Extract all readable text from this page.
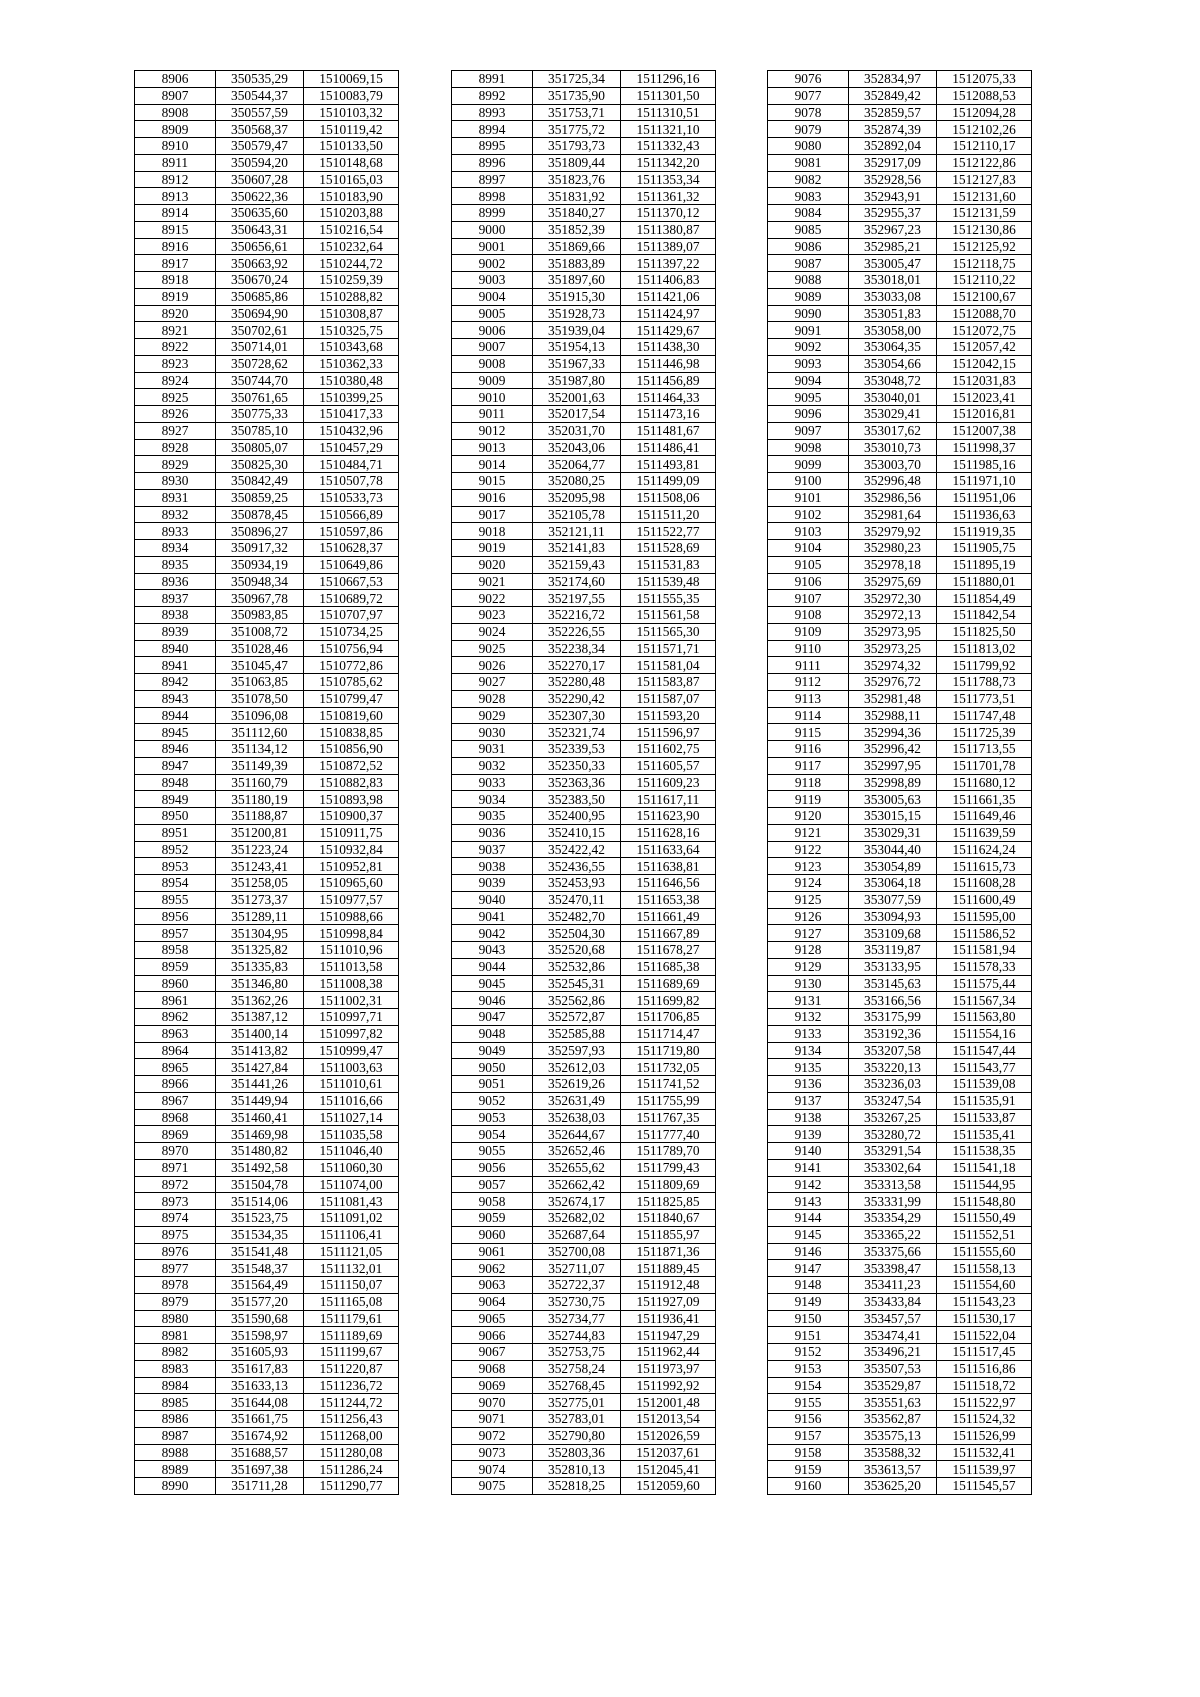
8906	350535,29	1510069,15
8907	350544,37	1510083,79
8908	350557,59	1510103,32
8909	350568,37	1510119,42
8910	350579,47	1510133,50
8911	350594,20	1510148,68
8912	350607,28	1510165,03
8913	350622,36	1510183,90
8914	350635,60	1510203,88
8915	350643,31	1510216,54
8916	350656,61	1510232,64
8917	350663,92	1510244,72
8918	350670,24	1510259,39
8919	350685,86	1510288,82
8920	350694,90	1510308,87
8921	350702,61	1510325,75
8922	350714,01	1510343,68
8923	350728,62	1510362,33
8924	350744,70	1510380,48
8925	350761,65	1510399,25
8926	350775,33	1510417,33
8927	350785,10	1510432,96
8928	350805,07	1510457,29
8929	350825,30	1510484,71
8930	350842,49	1510507,78
8931	350859,25	1510533,73
8932	350878,45	1510566,89
8933	350896,27	1510597,86
8934	350917,32	1510628,37
8935	350934,19	1510649,86
8936	350948,34	1510667,53
8937	350967,78	1510689,72
8938	350983,85	1510707,97
8939	351008,72	1510734,25
8940	351028,46	1510756,94
8941	351045,47	1510772,86
8942	351063,85	1510785,62
8943	351078,50	1510799,47
8944	351096,08	1510819,60
8945	351112,60	1510838,85
8946	351134,12	1510856,90
8947	351149,39	1510872,52
8948	351160,79	1510882,83
8949	351180,19	1510893,98
8950	351188,87	1510900,37
8951	351200,81	1510911,75
8952	351223,24	1510932,84
8953	351243,41	1510952,81
8954	351258,05	1510965,60
8955	351273,37	1510977,57
8956	351289,11	1510988,66
8957	351304,95	1510998,84
8958	351325,82	1511010,96
8959	351335,83	1511013,58
8960	351346,80	1511008,38
8961	351362,26	1511002,31
8962	351387,12	1510997,71
8963	351400,14	1510997,82
8964	351413,82	1510999,47
8965	351427,84	1511003,63
8966	351441,26	1511010,61
8967	351449,94	1511016,66
8968	351460,41	1511027,14
8969	351469,98	1511035,58
8970	351480,82	1511046,40
8971	351492,58	1511060,30
8972	351504,78	1511074,00
8973	351514,06	1511081,43
8974	351523,75	1511091,02
8975	351534,35	1511106,41
8976	351541,48	1511121,05
8977	351548,37	1511132,01
8978	351564,49	1511150,07
8979	351577,20	1511165,08
8980	351590,68	1511179,61
8981	351598,97	1511189,69
8982	351605,93	1511199,67
8983	351617,83	1511220,87
8984	351633,13	1511236,72
8985	351644,08	1511244,72
8986	351661,75	1511256,43
8987	351674,92	1511268,00
8988	351688,57	1511280,08
8989	351697,38	1511286,24
8990	351711,28	1511290,77
8991	351725,34	1511296,16
8992	351735,90	1511301,50
8993	351753,71	1511310,51
8994	351775,72	1511321,10
8995	351793,73	1511332,43
8996	351809,44	1511342,20
8997	351823,76	1511353,34
8998	351831,92	1511361,32
8999	351840,27	1511370,12
9000	351852,39	1511380,87
9001	351869,66	1511389,07
9002	351883,89	1511397,22
9003	351897,60	1511406,83
9004	351915,30	1511421,06
9005	351928,73	1511424,97
9006	351939,04	1511429,67
9007	351954,13	1511438,30
9008	351967,33	1511446,98
9009	351987,80	1511456,89
9010	352001,63	1511464,33
9011	352017,54	1511473,16
9012	352031,70	1511481,67
9013	352043,06	1511486,41
9014	352064,77	1511493,81
9015	352080,25	1511499,09
9016	352095,98	1511508,06
9017	352105,78	1511511,20
9018	352121,11	1511522,77
9019	352141,83	1511528,69
9020	352159,43	1511531,83
9021	352174,60	1511539,48
9022	352197,55	1511555,35
9023	352216,72	1511561,58
9024	352226,55	1511565,30
9025	352238,34	1511571,71
9026	352270,17	1511581,04
9027	352280,48	1511583,87
9028	352290,42	1511587,07
9029	352307,30	1511593,20
9030	352321,74	1511596,97
9031	352339,53	1511602,75
9032	352350,33	1511605,57
9033	352363,36	1511609,23
9034	352383,50	1511617,11
9035	352400,95	1511623,90
9036	352410,15	1511628,16
9037	352422,42	1511633,64
9038	352436,55	1511638,81
9039	352453,93	1511646,56
9040	352470,11	1511653,38
9041	352482,70	1511661,49
9042	352504,30	1511667,89
9043	352520,68	1511678,27
9044	352532,86	1511685,38
9045	352545,31	1511689,69
9046	352562,86	1511699,82
9047	352572,87	1511706,85
9048	352585,88	1511714,47
9049	352597,93	1511719,80
9050	352612,03	1511732,05
9051	352619,26	1511741,52
9052	352631,49	1511755,99
9053	352638,03	1511767,35
9054	352644,67	1511777,40
9055	352652,46	1511789,70
9056	352655,62	1511799,43
9057	352662,42	1511809,69
9058	352674,17	1511825,85
9059	352682,02	1511840,67
9060	352687,64	1511855,97
9061	352700,08	1511871,36
9062	352711,07	1511889,45
9063	352722,37	1511912,48
9064	352730,75	1511927,09
9065	352734,77	1511936,41
9066	352744,83	1511947,29
9067	352753,75	1511962,44
9068	352758,24	1511973,97
9069	352768,45	1511992,92
9070	352775,01	1512001,48
9071	352783,01	1512013,54
9072	352790,80	1512026,59
9073	352803,36	1512037,61
9074	352810,13	1512045,41
9075	352818,25	1512059,60
9076	352834,97	1512075,33
9077	352849,42	1512088,53
9078	352859,57	1512094,28
9079	352874,39	1512102,26
9080	352892,04	1512110,17
9081	352917,09	1512122,86
9082	352928,56	1512127,83
9083	352943,91	1512131,60
9084	352955,37	1512131,59
9085	352967,23	1512130,86
9086	352985,21	1512125,92
9087	353005,47	1512118,75
9088	353018,01	1512110,22
9089	353033,08	1512100,67
9090	353051,83	1512088,70
9091	353058,00	1512072,75
9092	353064,35	1512057,42
9093	353054,66	1512042,15
9094	353048,72	1512031,83
9095	353040,01	1512023,41
9096	353029,41	1512016,81
9097	353017,62	1512007,38
9098	353010,73	1511998,37
9099	353003,70	1511985,16
9100	352996,48	1511971,10
9101	352986,56	1511951,06
9102	352981,64	1511936,63
9103	352979,92	1511919,35
9104	352980,23	1511905,75
9105	352978,18	1511895,19
9106	352975,69	1511880,01
9107	352972,30	1511854,49
9108	352972,13	1511842,54
9109	352973,95	1511825,50
9110	352973,25	1511813,02
9111	352974,32	1511799,92
9112	352976,72	1511788,73
9113	352981,48	1511773,51
9114	352988,11	1511747,48
9115	352994,36	1511725,39
9116	352996,42	1511713,55
9117	352997,95	1511701,78
9118	352998,89	1511680,12
9119	353005,63	1511661,35
9120	353015,15	1511649,46
9121	353029,31	1511639,59
9122	353044,40	1511624,24
9123	353054,89	1511615,73
9124	353064,18	1511608,28
9125	353077,59	1511600,49
9126	353094,93	1511595,00
9127	353109,68	1511586,52
9128	353119,87	1511581,94
9129	353133,95	1511578,33
9130	353145,63	1511575,44
9131	353166,56	1511567,34
9132	353175,99	1511563,80
9133	353192,36	1511554,16
9134	353207,58	1511547,44
9135	353220,13	1511543,77
9136	353236,03	1511539,08
9137	353247,54	1511535,91
9138	353267,25	1511533,87
9139	353280,72	1511535,41
9140	353291,54	1511538,35
9141	353302,64	1511541,18
9142	353313,58	1511544,95
9143	353331,99	1511548,80
9144	353354,29	1511550,49
9145	353365,22	1511552,51
9146	353375,66	1511555,60
9147	353398,47	1511558,13
9148	353411,23	1511554,60
9149	353433,84	1511543,23
9150	353457,57	1511530,17
9151	353474,41	1511522,04
9152	353496,21	1511517,45
9153	353507,53	1511516,86
9154	353529,87	1511518,72
9155	353551,63	1511522,97
9156	353562,87	1511524,32
9157	353575,13	1511526,99
9158	353588,32	1511532,41
9159	353613,57	1511539,97
9160	353625,20	1511545,57
